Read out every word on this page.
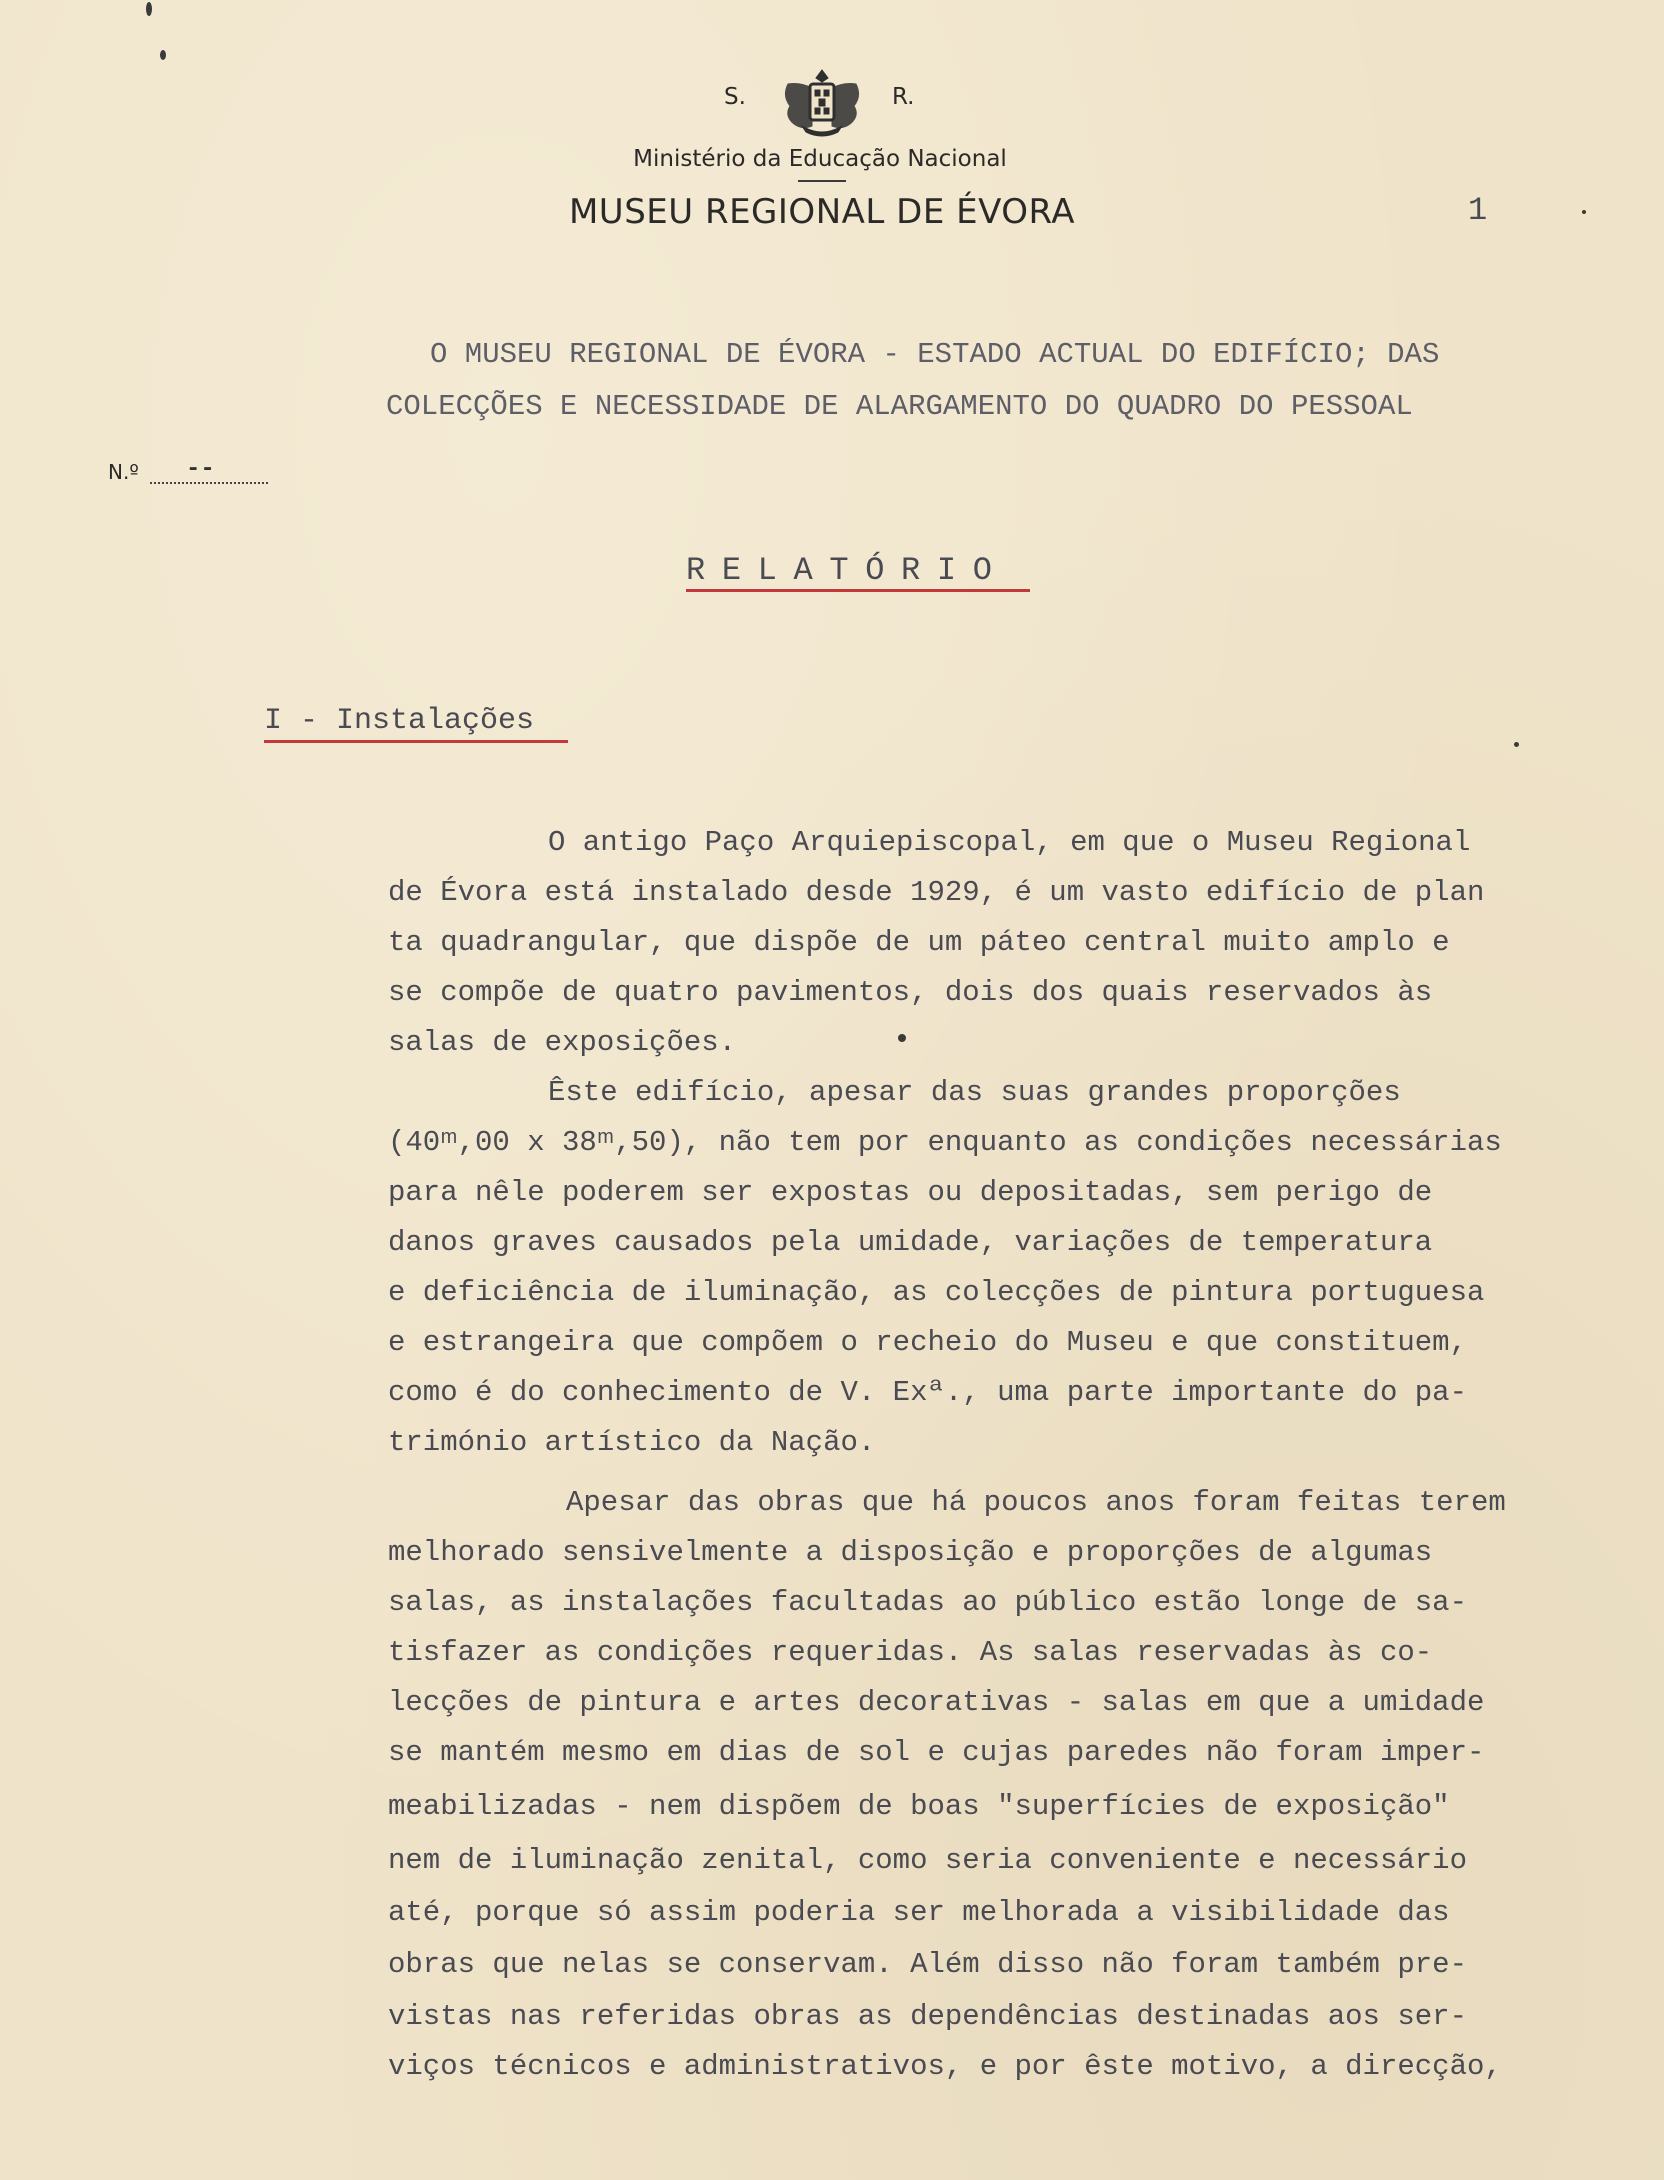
S.	R.
Ministério da Educação Nacional
MUSEU REGIONAL DE ÉVORA	1
O MUSEU REGIONAL DE ÉVORA - ESTADO ACTUAL DO EDIFÍCIO; DAS
COLECÇÕES E NECESSIDADE DE ALARGAMENTO DO QUADRO DO PESSOAL
N.º --
RELATÓRIO
I - Instalações
O antigo Paço Arquiepiscopal, em que o Museu Regional
de Évora está instalado desde 1929, é um vasto edifício de plan
ta quadrangular, que dispõe de um páteo central muito amplo e
se compõe de quatro pavimentos, dois dos quais reservados às
salas de exposições.
Êste edifício, apesar das suas grandes proporções
(40ᵐ,00 x 38ᵐ,50), não tem por enquanto as condições necessárias
para nêle poderem ser expostas ou depositadas, sem perigo de
danos graves causados pela umidade, variações de temperatura
e deficiência de iluminação, as colecções de pintura portuguesa
e estrangeira que compõem o recheio do Museu e que constituem,
como é do conhecimento de V. Exª., uma parte importante do pa-
trimónio artístico da Nação.
Apesar das obras que há poucos anos foram feitas terem
melhorado sensivelmente a disposição e proporções de algumas
salas, as instalações facultadas ao público estão longe de sa-
tisfazer as condições requeridas. As salas reservadas às co-
lecções de pintura e artes decorativas - salas em que a umidade
se mantém mesmo em dias de sol e cujas paredes não foram imper-
meabilizadas - nem dispõem de boas "superfícies de exposição"
nem de iluminação zenital, como seria conveniente e necessário
até, porque só assim poderia ser melhorada a visibilidade das
obras que nelas se conservam. Além disso não foram também pre-
vistas nas referidas obras as dependências destinadas aos ser-
viços técnicos e administrativos, e por êste motivo, a direcção,
